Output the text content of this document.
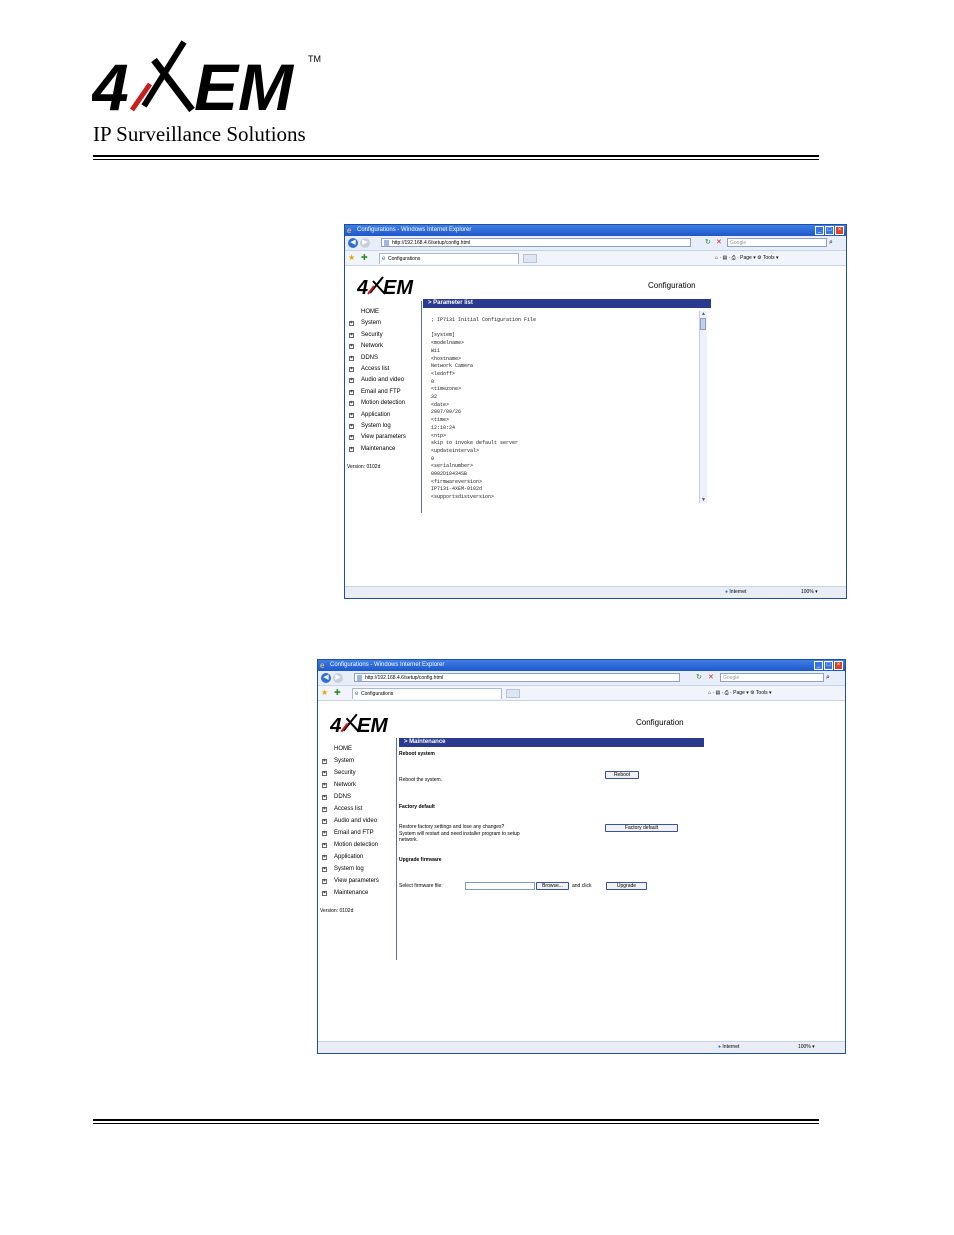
4 EM TM
IP Surveillance Solutions
e Configurations - Windows Internet Explorer	_	□	×
◀ ▶	http://192.168.4.6/setup/config.html	↻ ✕	Google	⌕
★ ✚ e Configurations	⌂ · ▤ · ⎙ · Page ▾ ⚙ Tools ▾
4 EM	Configuration
HOME
+ System
+ Security
+ Network
+ DDNS
+ Access list
+ Audio and video
+ Email and FTP
+ Motion detection
+ Application
+ System log
+ View parameters
+ Maintenance
Version: 0102d
> Parameter list
; IP7131 Initial Configuration File

[system]
<modelname>
W11
<hostname>
Network Camera
<ledoff>
0
<timezone>
32
<date>
2007/09/26
<time>
12:10:24
<ntp>
skip to invoke default server
<updateinterval>
0
<serialnumber>
0002D10434SB
<firmwareversion>
IP7131-4XEM-0102d
<supportsdistversion>
▲
▼
● Internet	100% ▾
e Configurations - Windows Internet Explorer	_	□	×
◀ ▶	http://192.168.4.6/setup/config.html	↻ ✕	Google	⌕
★ ✚ e Configurations	⌂ · ▤ · ⎙ · Page ▾ ⚙ Tools ▾
4 EM	Configuration
HOME
+ System
+ Security
+ Network
+ DDNS
+ Access list
+ Audio and video
+ Email and FTP
+ Motion detection
+ Application
+ System log
+ View parameters
+ Maintenance
Version: 0102d
> Maintenance
Reboot system
Reboot the system.
Reboot
Factory default
Restore factory settings and lose any changes?
System will restart and need installer program to setup
network.
Factory default
Upgrade firmware
Select firmware file:	Browse...	and click	Upgrade
● Internet	100% ▾
